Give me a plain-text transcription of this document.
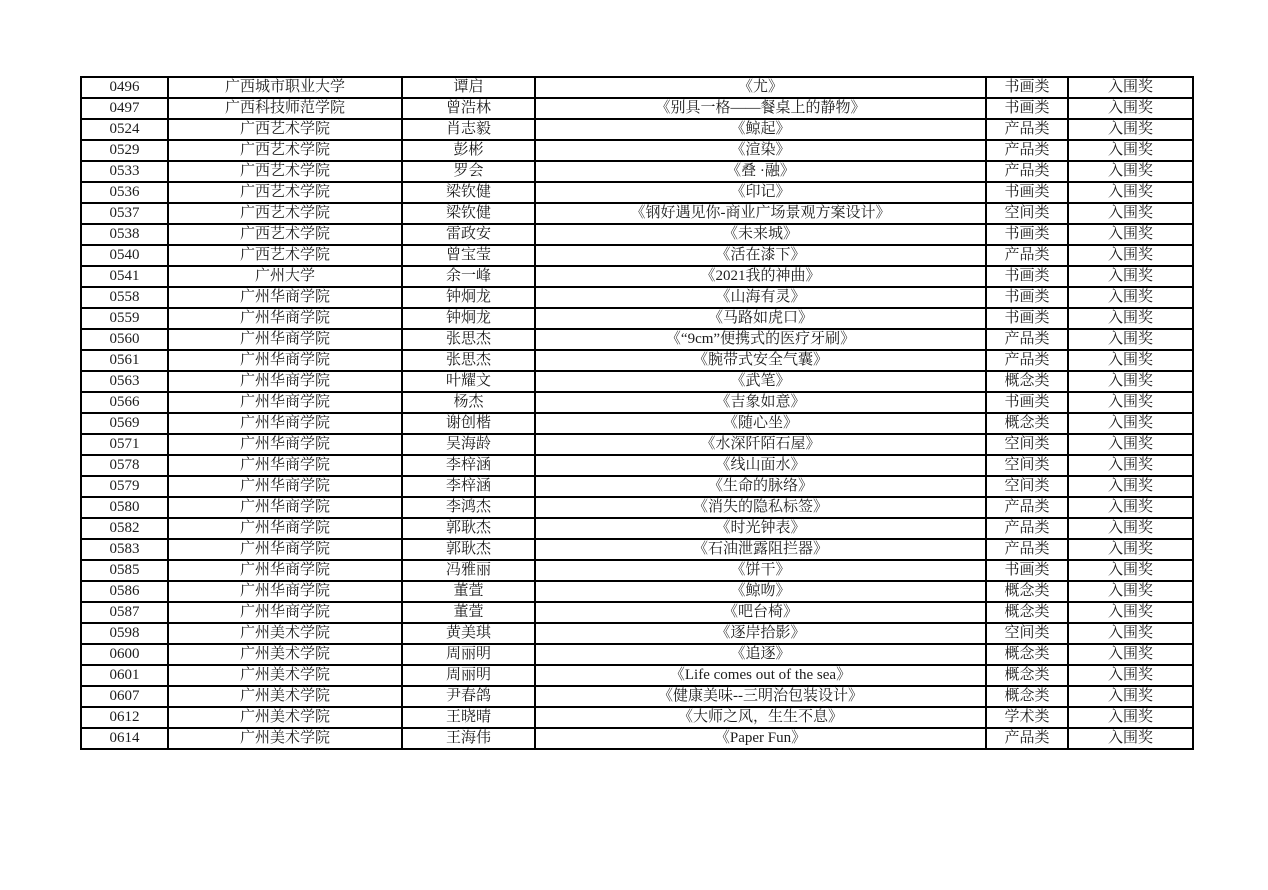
0496	广西城市职业大学	谭启	《尤》	书画类	入围奖
0497	广西科技师范学院	曾浩林	《别具一格——餐桌上的静物》	书画类	入围奖
0524	广西艺术学院	肖志毅	《鲸起》	产品类	入围奖
0529	广西艺术学院	彭彬	《渲染》	产品类	入围奖
0533	广西艺术学院	罗会	《叠 ·融》	产品类	入围奖
0536	广西艺术学院	梁钦健	《印记》	书画类	入围奖
0537	广西艺术学院	梁钦健	《钢好遇见你-商业广场景观方案设计》	空间类	入围奖
0538	广西艺术学院	雷政安	《未来城》	书画类	入围奖
0540	广西艺术学院	曾宝莹	《活在漆下》	产品类	入围奖
0541	广州大学	余一峰	《2021我的神曲》	书画类	入围奖
0558	广州华商学院	钟炯龙	《山海有灵》	书画类	入围奖
0559	广州华商学院	钟炯龙	《马路如虎口》	书画类	入围奖
0560	广州华商学院	张思杰	《“9cm”便携式的医疗牙刷》	产品类	入围奖
0561	广州华商学院	张思杰	《腕带式安全气囊》	产品类	入围奖
0563	广州华商学院	叶耀文	《武笔》	概念类	入围奖
0566	广州华商学院	杨杰	《吉象如意》	书画类	入围奖
0569	广州华商学院	谢创楷	《随心坐》	概念类	入围奖
0571	广州华商学院	吴海龄	《水深阡陌石屋》	空间类	入围奖
0578	广州华商学院	李梓涵	《线山面水》	空间类	入围奖
0579	广州华商学院	李梓涵	《生命的脉络》	空间类	入围奖
0580	广州华商学院	李鸿杰	《消失的隐私标签》	产品类	入围奖
0582	广州华商学院	郭耿杰	《时光钟表》	产品类	入围奖
0583	广州华商学院	郭耿杰	《石油泄露阻拦器》	产品类	入围奖
0585	广州华商学院	冯雅丽	《饼干》	书画类	入围奖
0586	广州华商学院	董萱	《鲸吻》	概念类	入围奖
0587	广州华商学院	董萱	《吧台椅》	概念类	入围奖
0598	广州美术学院	黄美琪	《逐岸拾影》	空间类	入围奖
0600	广州美术学院	周丽明	《追逐》	概念类	入围奖
0601	广州美术学院	周丽明	《Life comes out of the sea》	概念类	入围奖
0607	广州美术学院	尹春鸽	《健康美味--三明治包装设计》	概念类	入围奖
0612	广州美术学院	王晓晴	《大师之风，生生不息》	学术类	入围奖
0614	广州美术学院	王海伟	《Paper Fun》	产品类	入围奖
